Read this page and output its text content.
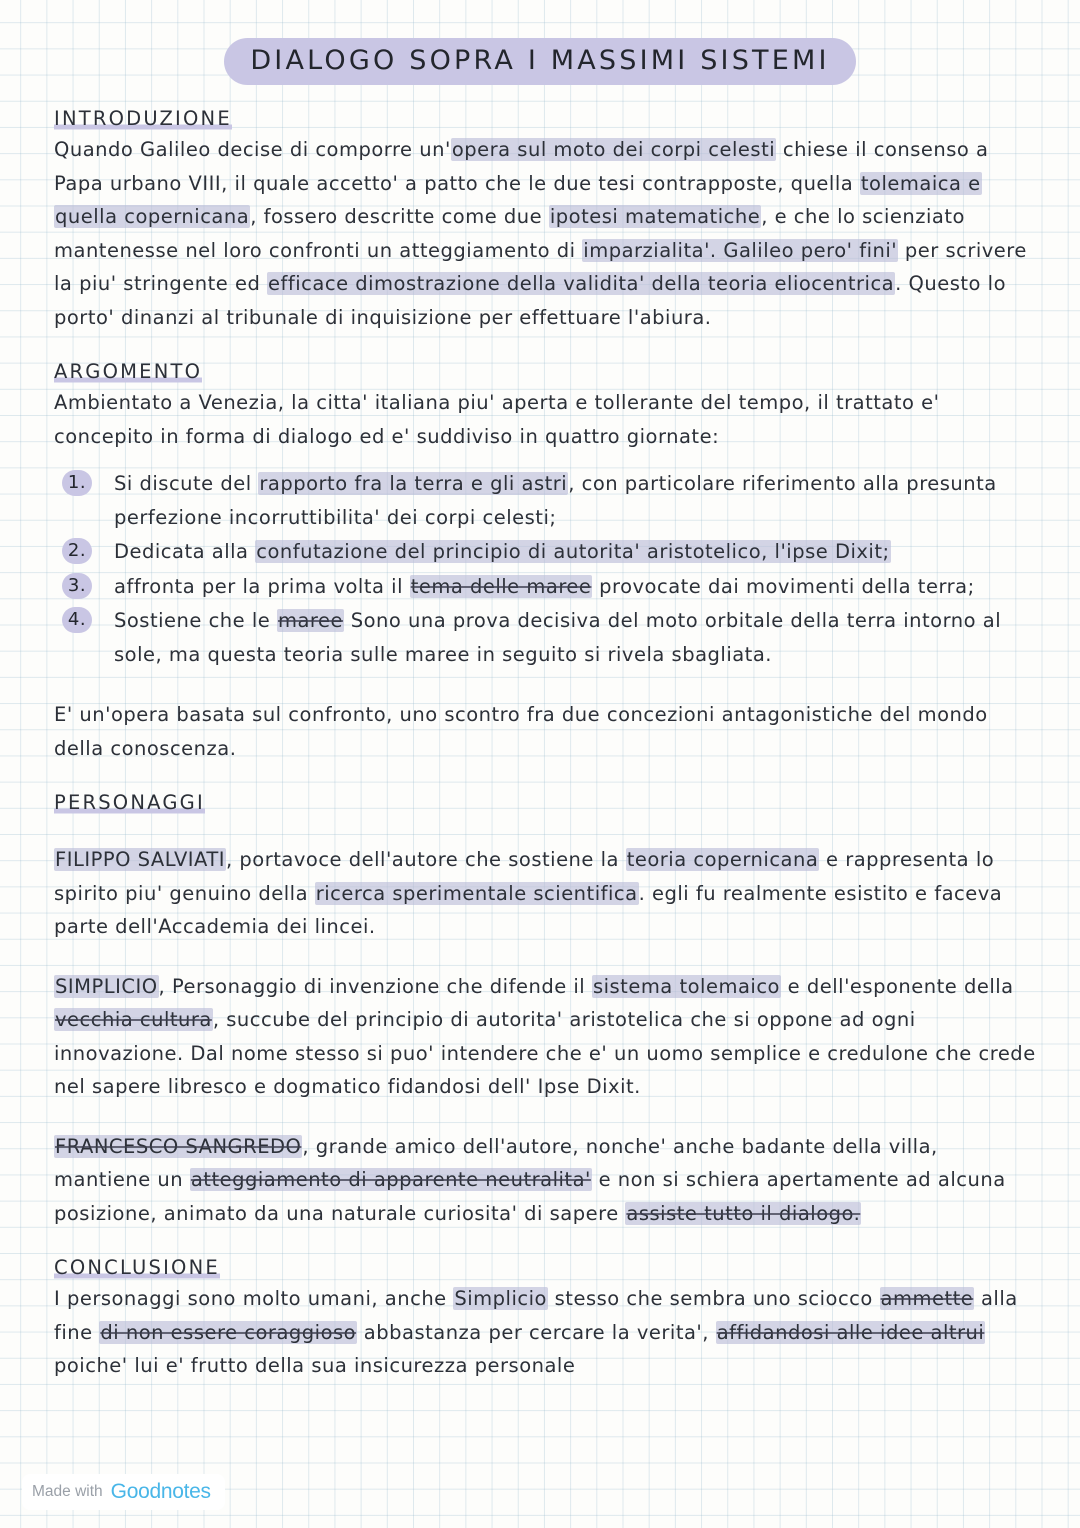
DIALOGO SOPRA I MASSIMI SISTEMI
INTRODUZIONE

Quando Galileo decise di comporre un'opera sul moto dei corpi celesti chiese il consenso a Papa urbano VIII, il quale accetto' a patto che le due tesi contrapposte, quella tolemaica e quella copernicana, fossero descritte come due ipotesi matematiche, e che lo scienziato mantenesse nel loro confronti un atteggiamento di imparzialita'. Galileo pero' fini' per scrivere la piu' stringente ed efficace dimostrazione della validita' della teoria eliocentrica. Questo lo porto' dinanzi al tribunale di inquisizione per effettuare l'abiura.

ARGOMENTO

Ambientato a Venezia, la citta' italiana piu' aperta e tollerante del tempo, il trattato e' concepito in forma di dialogo ed e' suddiviso in quattro giornate:

1.	Si discute del rapporto fra la terra e gli astri, con particolare riferimento alla presunta perfezione incorruttibilita' dei corpi celesti;
2.	Dedicata alla confutazione del principio di autorita' aristotelico, l'ipse Dixit;
3.	affronta per la prima volta il tema delle maree provocate dai movimenti della terra;
4.	Sostiene che le maree Sono una prova decisiva del moto orbitale della terra intorno al sole, ma questa teoria sulle maree in seguito si rivela sbagliata.

E' un'opera basata sul confronto, uno scontro fra due concezioni antagonistiche del mondo della conoscenza.

PERSONAGGI

FILIPPO SALVIATI, portavoce dell'autore che sostiene la teoria copernicana e rappresenta lo spirito piu' genuino della ricerca sperimentale scientifica. egli fu realmente esistito e faceva parte dell'Accademia dei lincei.

SIMPLICIO, Personaggio di invenzione che difende il sistema tolemaico e dell'esponente della vecchia cultura, succube del principio di autorita' aristotelica che si oppone ad ogni innovazione. Dal nome stesso si puo' intendere che e' un uomo semplice e credulone che crede nel sapere libresco e dogmatico fidandosi dell' Ipse Dixit.

FRANCESCO SANGREDO, grande amico dell'autore, nonche' anche badante della villa, mantiene un atteggiamento di apparente neutralita' e non si schiera apertamente ad alcuna posizione, animato da una naturale curiosita' di sapere assiste tutto il dialogo.

CONCLUSIONE

I personaggi sono molto umani, anche Simplicio stesso che sembra uno sciocco ammette alla fine di non essere coraggioso abbastanza per cercare la verita', affidandosi alle idee altrui poiche' lui e' frutto della sua insicurezza personale

Made with Goodnotes
